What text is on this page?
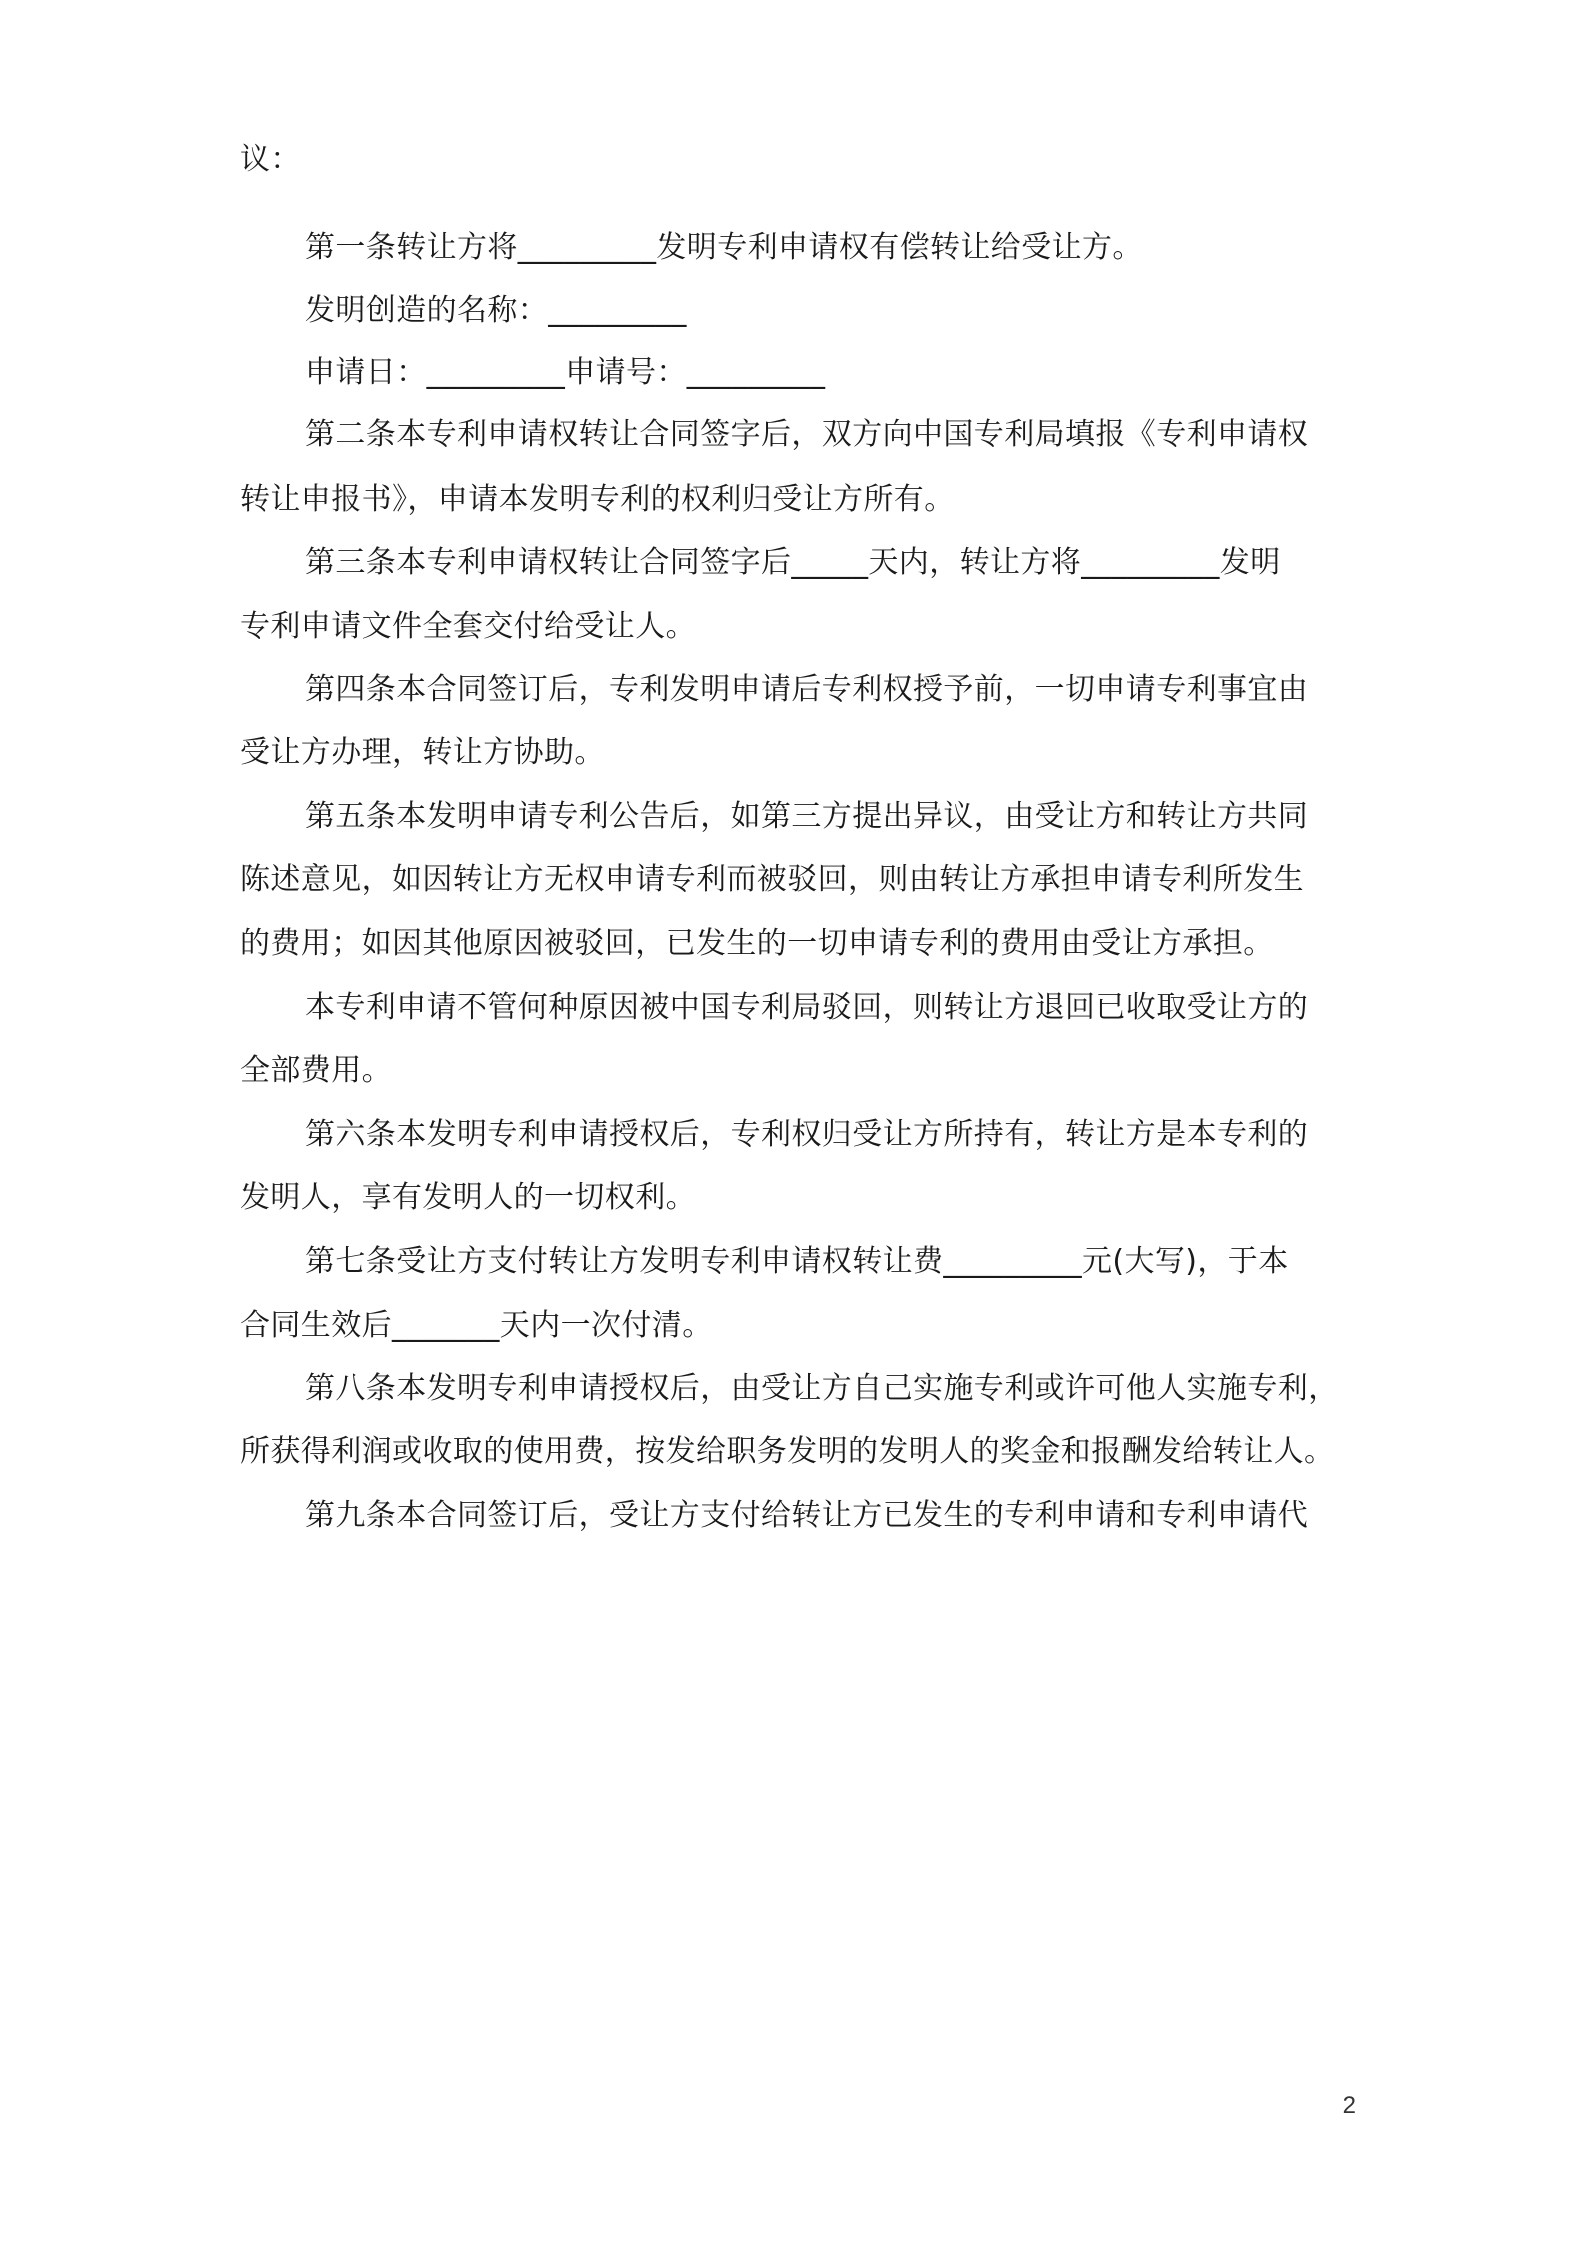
议：
第一条转让方将_________发明专利申请权有偿转让给受让方。
发明创造的名称：_________
申请日：_________申请号：_________
第二条本专利申请权转让合同签字后，双方向中国专利局填报《专利申请权
转让申报书》，申请本发明专利的权利归受让方所有。
第三条本专利申请权转让合同签字后_____天内，转让方将_________发明
专利申请文件全套交付给受让人。
第四条本合同签订后，专利发明申请后专利权授予前，一切申请专利事宜由
受让方办理，转让方协助。
第五条本发明申请专利公告后，如第三方提出异议，由受让方和转让方共同
陈述意见，如因转让方无权申请专利而被驳回，则由转让方承担申请专利所发生
的费用；如因其他原因被驳回，已发生的一切申请专利的费用由受让方承担。
本专利申请不管何种原因被中国专利局驳回，则转让方退回已收取受让方的
全部费用。
第六条本发明专利申请授权后，专利权归受让方所持有，转让方是本专利的
发明人，享有发明人的一切权利。
第七条受让方支付转让方发明专利申请权转让费_________元(大写)，于本
合同生效后_______天内一次付清。
第八条本发明专利申请授权后，由受让方自己实施专利或许可他人实施专利，
所获得利润或收取的使用费，按发给职务发明的发明人的奖金和报酬发给转让人。
第九条本合同签订后，受让方支付给转让方已发生的专利申请和专利申请代
2
